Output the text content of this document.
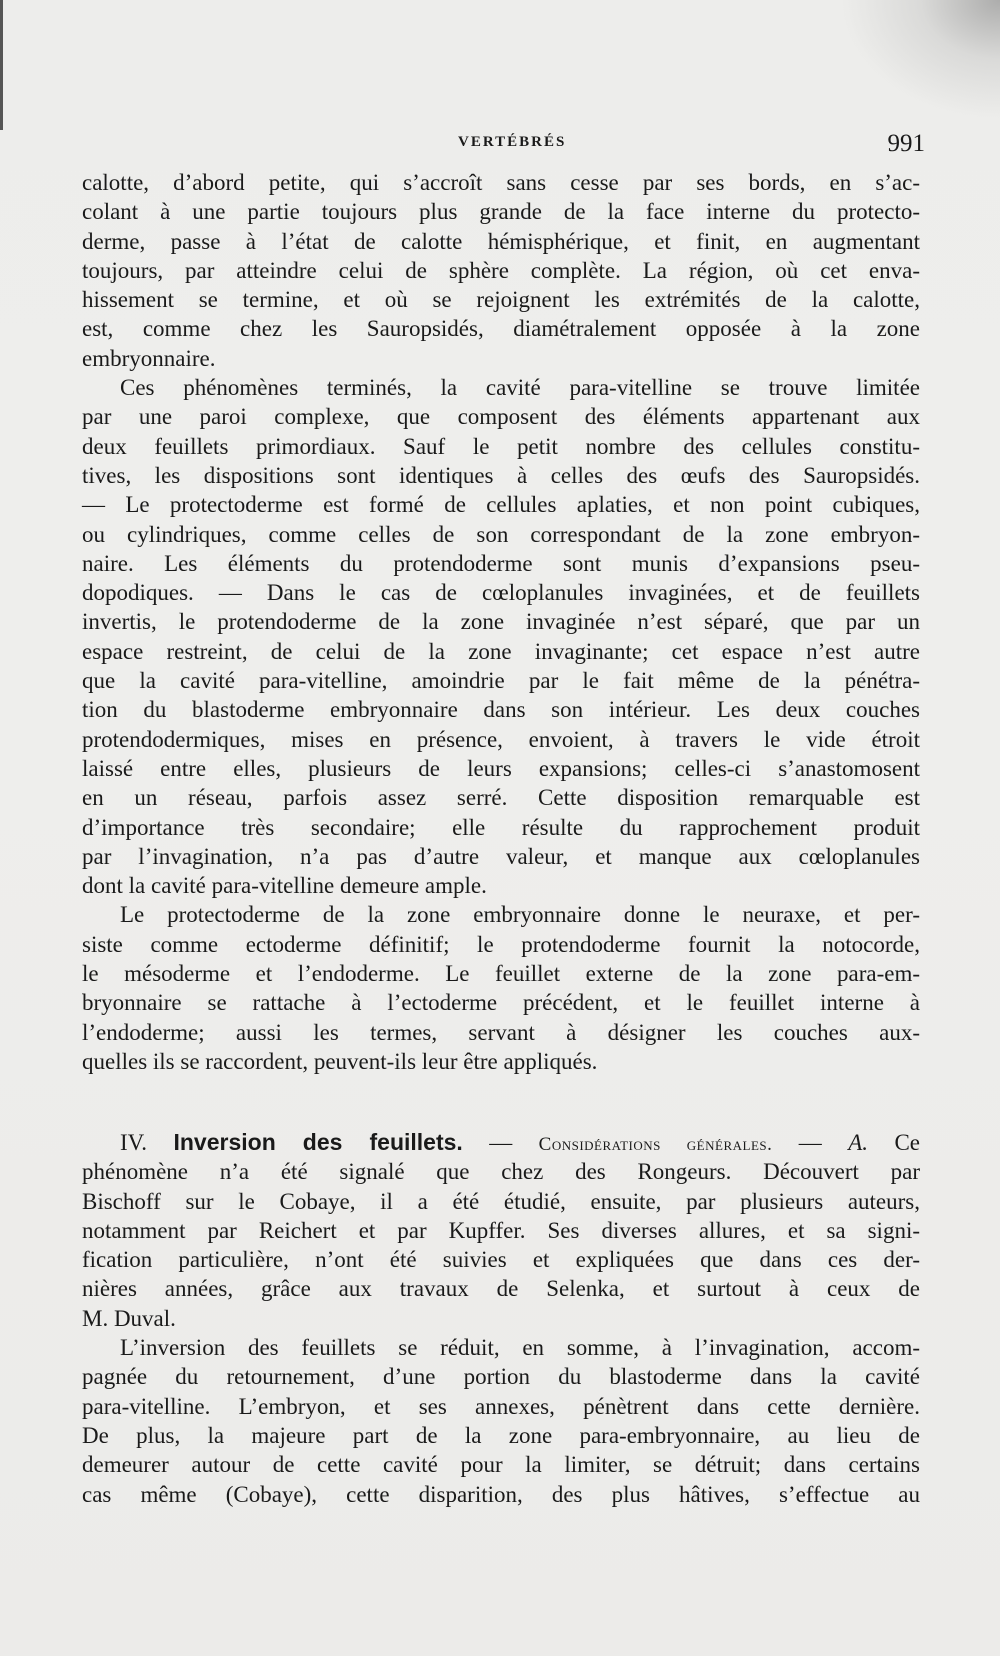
VERTÉBRÉS	991
calotte, d’abord petite, qui s’accroît sans cesse par ses bords, en s’ac-
colant à une partie toujours plus grande de la face interne du protecto-
derme, passe à l’état de calotte hémisphérique, et finit, en augmentant
toujours, par atteindre celui de sphère complète. La région, où cet enva-
hissement se termine, et où se rejoignent les extrémités de la calotte,
est, comme chez les Sauropsidés, diamétralement opposée à la zone
embryonnaire.
Ces phénomènes terminés, la cavité para-vitelline se trouve limitée
par une paroi complexe, que composent des éléments appartenant aux
deux feuillets primordiaux. Sauf le petit nombre des cellules constitu-
tives, les dispositions sont identiques à celles des œufs des Sauropsidés.
— Le protectoderme est formé de cellules aplaties, et non point cubiques,
ou cylindriques, comme celles de son correspondant de la zone embryon-
naire. Les éléments du protendoderme sont munis d’expansions pseu-
dopodiques. — Dans le cas de cœloplanules invaginées, et de feuillets
invertis, le protendoderme de la zone invaginée n’est séparé, que par un
espace restreint, de celui de la zone invaginante; cet espace n’est autre
que la cavité para-vitelline, amoindrie par le fait même de la pénétra-
tion du blastoderme embryonnaire dans son intérieur. Les deux couches
protendodermiques, mises en présence, envoient, à travers le vide étroit
laissé entre elles, plusieurs de leurs expansions; celles-ci s’anastomosent
en un réseau, parfois assez serré. Cette disposition remarquable est
d’importance très secondaire; elle résulte du rapprochement produit
par l’invagination, n’a pas d’autre valeur, et manque aux cœloplanules
dont la cavité para-vitelline demeure ample.
Le protectoderme de la zone embryonnaire donne le neuraxe, et per-
siste comme ectoderme définitif; le protendoderme fournit la notocorde,
le mésoderme et l’endoderme. Le feuillet externe de la zone para-em-
bryonnaire se rattache à l’ectoderme précédent, et le feuillet interne à
l’endoderme; aussi les termes, servant à désigner les couches aux-
quelles ils se raccordent, peuvent-ils leur être appliqués.
IV. Inversion des feuillets. — Considérations générales. — A. Ce
phénomène n’a été signalé que chez des Rongeurs. Découvert par
Bischoff sur le Cobaye, il a été étudié, ensuite, par plusieurs auteurs,
notamment par Reichert et par Kupffer. Ses diverses allures, et sa signi-
fication particulière, n’ont été suivies et expliquées que dans ces der-
nières années, grâce aux travaux de Selenka, et surtout à ceux de
M. Duval.
L’inversion des feuillets se réduit, en somme, à l’invagination, accom-
pagnée du retournement, d’une portion du blastoderme dans la cavité
para-vitelline. L’embryon, et ses annexes, pénètrent dans cette dernière.
De plus, la majeure part de la zone para-embryonnaire, au lieu de
demeurer autour de cette cavité pour la limiter, se détruit; dans certains
cas même (Cobaye), cette disparition, des plus hâtives, s’effectue au
